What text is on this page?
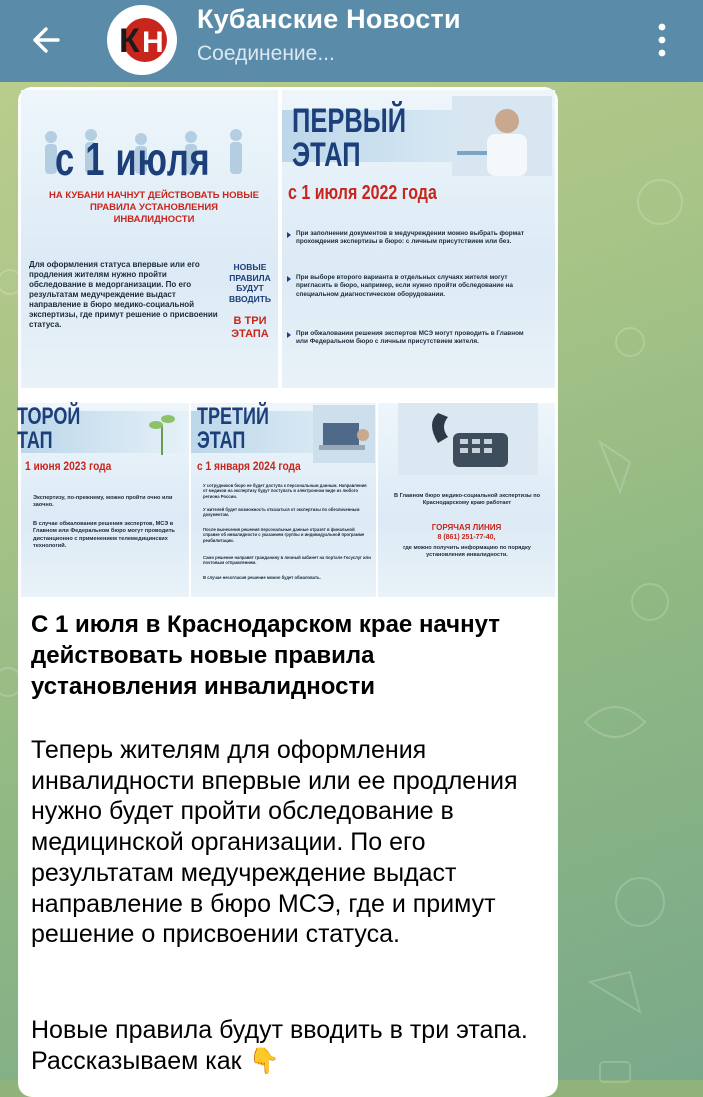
К Н
Кубанские Новости
Соединение...
с 1 июля
НА КУБАНИ НАЧНУТ ДЕЙСТВОВАТЬ НОВЫЕ ПРАВИЛА УСТАНОВЛЕНИЯ ИНВАЛИДНОСТИ
Для оформления статуса впервые или его продления жителям нужно пройти обследование в медорганизации. По его результатам медучреждение выдаст направление в бюро медико-социальной экспертизы, где примут решение о присвоении статуса.
НОВЫЕ ПРАВИЛА БУДУТ ВВОДИТЬ
В ТРИ ЭТАПА
ПЕРВЫЙ ЭТАП
с 1 июля 2022 года
При заполнении документов в медучреждении можно выбрать формат прохождения экспертизы в бюро: с личным присутствием или без.
При выборе второго варианта в отдельных случаях жителя могут пригласить в бюро, например, если нужно пройти обследование на специальном диагностическом оборудовании.
При обжаловании решения экспертов МСЭ могут проводить в Главном или Федеральном бюро с личным присутствием жителя.
ТОРОЙ ТАП
1 июня 2023 года
Экспертизу, по-прежнему, можно пройти очно или заочно.
В случае обжалования решения экспертов, МСЭ в Главном или Федеральном бюро могут проводить дистанционно с применением телемедицинских технологий.
ТРЕТИЙ ЭТАП
с 1 января 2024 года
У сотрудников бюро не будет доступа к персональным данным. Направления от медиков на экспертизу будут поступать в электронном виде из любого региона России.
У жителей будет возможность отказаться от экспертизы по обезличенным документам.
После вынесения решения персональные данные отразят в финальной справке об инвалидности с указанием группы и индивидуальной программе реабилитации.
Само решение направят гражданину в личный кабинет на портале Госуслуг или почтовым отправлением.
В случае несогласия решение можно будет обжаловать.
В Главном бюро медико-социальной экспертизы по Краснодарскому краю работает
ГОРЯЧАЯ ЛИНИЯ
8 (861) 251-77-40,
где можно получить информацию по порядку установления инвалидности.
С 1 июля в Краснодарском крае начнут действовать новые правила установления инвалидности
Теперь жителям для оформления инвалидности впервые или ее продления нужно будет пройти обследование в медицинской организации. По его результатам медучреждение выдаст направление в бюро МСЭ, где и примут решение о присвоении статуса.
Новые правила будут вводить в три этапа. Рассказываем как 👇
